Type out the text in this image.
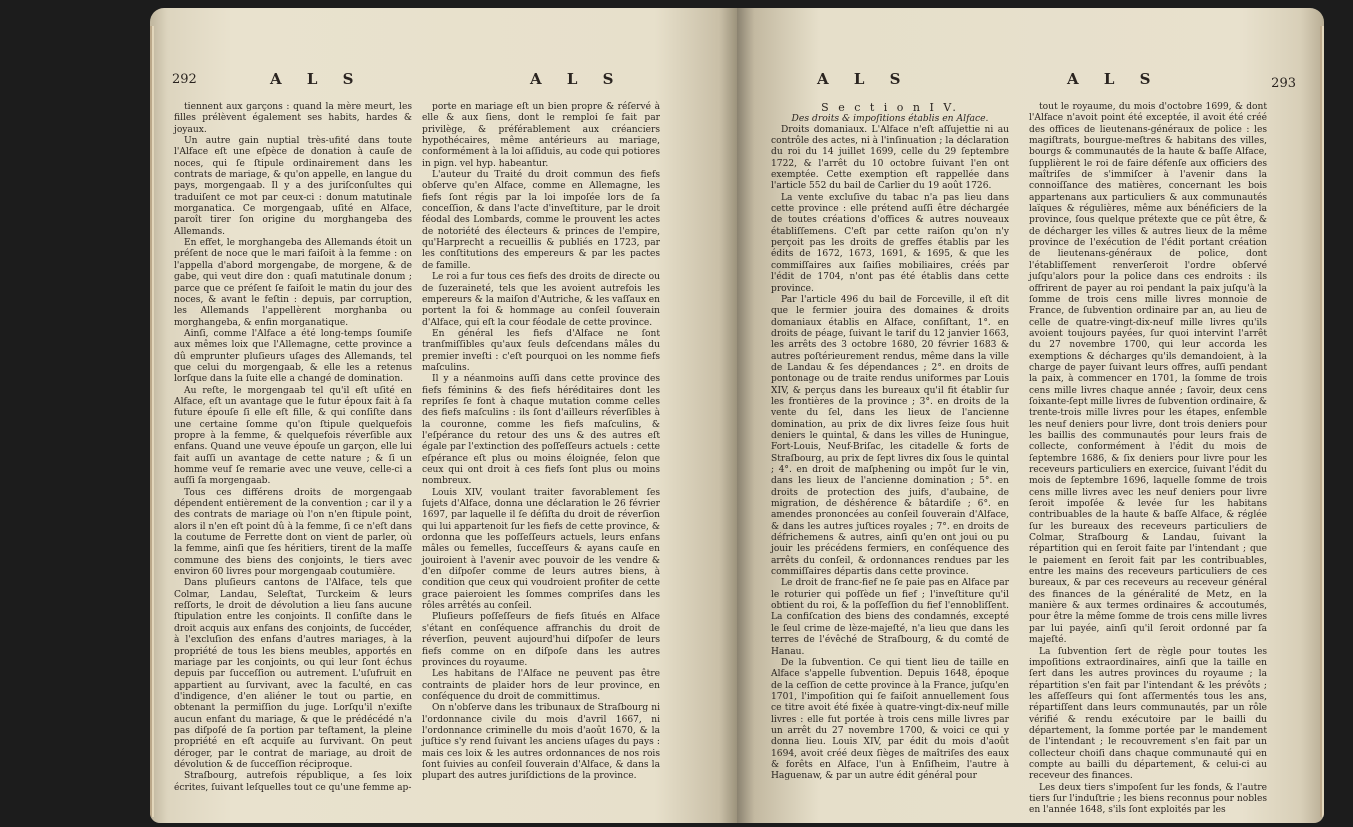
292	A L S	A L S

tiennent aux garçons : quand la mère meurt, les filles prélèvent également ses habits, hardes & joyaux.

Un autre gain nuptial très-ufité dans toute l'Alface eſt une eſpèce de donation à cauſe de noces, qui ſe ſtipule ordinairement dans les contrats de mariage, & qu'on appelle, en langue du pays, morgengaab. Il y a des juriſconſultes qui traduiſent ce mot par ceux-ci : donum matutinale morganatica. Ce morgengaab, uſité en Alface, paroît tirer ſon origine du morghangeba des Allemands.

En effet, le morghangeba des Allemands étoit un préſent de noce que le mari faiſoit à la femme : on l'appella d'abord morgengabe, de morgene, & de gabe, qui veut dire don : quaſi matutinale donum ; parce que ce préſent ſe faiſoit le matin du jour des noces, & avant le feſtin : depuis, par corruption, les Allemands l'appellèrent morghanba ou morghangeba, & enfin morganatique.

Ainſi, comme l'Alface a été long-temps ſoumiſe aux mêmes loix que l'Allemagne, cette province a dû emprunter pluſieurs uſages des Allemands, tel que celui du morgengaab, & elle les a retenus lorſque dans la ſuite elle a changé de domination.

Au reſte, le morgengaab tel qu'il eſt uſité en Alface, eſt un avantage que le futur époux fait à ſa future épouſe ſi elle eſt fille, & qui conſiſte dans une certaine ſomme qu'on ſtipule quelquefois propre à la femme, & quelquefois réverſible aux enfans. Quand une veuve épouſe un garçon, elle lui fait auſſi un avantage de cette nature ; & ſi un homme veuf ſe remarie avec une veuve, celle-ci a auſſi ſa morgengaab.

Tous ces différens droits de morgengaab dépendent entièrement de la convention ; car il y a des contrats de mariage où l'on n'en ſtipule point, alors il n'en eſt point dû à la femme, ſi ce n'eſt dans la coutume de Ferrette dont on vient de parler, où la femme, ainſi que ſes héritiers, tirent de la maſſe commune des biens des conjoints, le tiers avec environ 60 livres pour morgengaab coutumière.

Dans pluſieurs cantons de l'Alface, tels que Colmar, Landau, Seleſtat, Turckeim & leurs reſſorts, le droit de dévolution a lieu ſans aucune ſtipulation entre les conjoints. Il conſiſte dans le droit acquis aux enfans des conjoints, de ſuccéder, à l'excluſion des enfans d'autres mariages, à la propriété de tous les biens meubles, apportés en mariage par les conjoints, ou qui leur ſont échus depuis par ſucceſſion ou autrement. L'uſufruit en appartient au ſurvivant, avec la faculté, en cas d'indigence, d'en aliéner le tout ou partie, en obtenant la permiſſion du juge. Lorſqu'il n'exiſte aucun enfant du mariage, & que le prédécédé n'a pas diſpoſé de ſa portion par teſtament, la pleine propriété en eſt acquiſe au ſurvivant. On peut déroger, par le contrat de mariage, au droit de dévolution & de ſucceſſion réciproque.

Straſbourg, autrefois république, a ſes loix écrites, ſuivant leſquelles tout ce qu'une femme ap-

porte en mariage eſt un bien propre & réſervé à elle & aux ſiens, dont le remploi ſe fait par privilège, & préférablement aux créanciers hypothécaires, même antérieurs au mariage, conformément à la loi aſſiduis, au code qui potiores in pign. vel hyp. habeantur.

L'auteur du Traité du droit commun des fiefs obſerve qu'en Alface, comme en Allemagne, les fiefs ſont régis par la loi impoſée lors de ſa conceſſion, & dans l'acte d'inveſtiture, par le droit féodal des Lombards, comme le prouvent les actes de notoriété des électeurs & princes de l'empire, qu'Harprecht a recueillis & publiés en 1723, par les conſtitutions des empereurs & par les pactes de famille.

Le roi a fur tous ces fiefs des droits de directe ou de ſuzeraineté, tels que les avoient autrefois les empereurs & la maiſon d'Autriche, & les vaſſaux en portent la foi & hommage au conſeil ſouverain d'Alface, qui eſt la cour féodale de cette province.

En général les fiefs d'Alface ne ſont tranſmiſſibles qu'aux ſeuls deſcendans mâles du premier inveſti : c'eſt pourquoi on les nomme fiefs maſculins.

Il y a néanmoins auſſi dans cette province des fiefs féminins & des fiefs héréditaires dont les repriſes ſe font à chaque mutation comme celles des fiefs maſculins : ils ſont d'ailleurs réverſibles à la couronne, comme les fiefs maſculins, & l'eſpérance du retour des uns & des autres eſt égale par l'extinction des poſſeſſeurs actuels : cette eſpérance eſt plus ou moins éloignée, ſelon que ceux qui ont droit à ces fiefs ſont plus ou moins nombreux.

Louis XIV, voulant traiter favorablement ſes ſujets d'Alface, donna une déclaration le 26 février 1697, par laquelle il ſe déſiſta du droit de réverſion qui lui appartenoit ſur les fiefs de cette province, & ordonna que les poſſeſſeurs actuels, leurs enfans mâles ou femelles, ſucceſſeurs & ayans cauſe en jouiroient à l'avenir avec pouvoir de les vendre & d'en diſpoſer comme de leurs autres biens, à condition que ceux qui voudroient profiter de cette grace paieroient les ſommes compriſes dans les rôles arrêtés au conſeil.

Pluſieurs poſſeſſeurs de fiefs ſitués en Alface s'étant en conſéquence affranchis du droit de réverſion, peuvent aujourd'hui diſpoſer de leurs fiefs comme on en diſpoſe dans les autres provinces du royaume.

Les habitans de l'Alface ne peuvent pas être contraints de plaider hors de leur province, en conſéquence du droit de committimus.

On n'obſerve dans les tribunaux de Straſbourg ni l'ordonnance civile du mois d'avril 1667, ni l'ordonnance criminelle du mois d'août 1670, & la juſtice s'y rend ſuivant les anciens uſages du pays : mais ces loix & les autres ordonnances de nos rois ſont ſuivies au conſeil ſouverain d'Alface, & dans la plupart des autres juriſdictions de la province.

A L S	A L S	293

S e c t i o n I V.

Des droits & impoſitions établis en Alface.

Droits domaniaux. L'Alface n'eſt aſſujettie ni au contrôle des actes, ni à l'inſinuation ; la déclaration du roi du 14 juillet 1699, celle du 29 ſeptembre 1722, & l'arrêt du 10 octobre ſuivant l'en ont exemptée. Cette exemption eſt rappellée dans l'article 552 du bail de Carlier du 19 août 1726.

La vente excluſive du tabac n'a pas lieu dans cette province : elle prétend auſſi être déchargée de toutes créations d'offices & autres nouveaux établiſſemens. C'eſt par cette raiſon qu'on n'y perçoit pas les droits de greffes établis par les édits de 1672, 1673, 1691, & 1695, & que les commiſſaires aux ſaiſies mobiliaires, créés par l'édit de 1704, n'ont pas été établis dans cette province.

Par l'article 496 du bail de Forceville, il eſt dit que le fermier jouira des domaines & droits domaniaux établis en Alface, conſiſtant, 1°. en droits de péage, ſuivant le tarif du 12 janvier 1663, les arrêts des 3 octobre 1680, 20 février 1683 & autres poſtérieurement rendus, même dans la ville de Landau & ſes dépendances ; 2°. en droits de pontonage ou de traite rendus uniformes par Louis XIV, & perçus dans les bureaux qu'il fit établir ſur les frontières de la province ; 3°. en droits de la vente du ſel, dans les lieux de l'ancienne domination, au prix de dix livres ſeize ſous huit deniers le quintal, & dans les villes de Huningue, Fort-Louis, Neuf-Briſac, les citadelle & forts de Straſbourg, au prix de ſept livres dix ſous le quintal ; 4°. en droit de maſphening ou impôt ſur le vin, dans les lieux de l'ancienne domination ; 5°. en droits de protection des juifs, d'aubaine, de migration, de déshérence & bâtardiſe ; 6°. en amendes prononcées au conſeil ſouverain d'Alface, & dans les autres juſtices royales ; 7°. en droits de défrichemens & autres, ainſi qu'en ont joui ou pu jouir les précédens fermiers, en conſéquence des arrêts du conſeil, & ordonnances rendues par les commiſſaires départis dans cette province.

Le droit de franc-fief ne ſe paie pas en Alface par le roturier qui poſſède un fief ; l'inveſtiture qu'il obtient du roi, & la poſſeſſion du fief l'ennobliſſent. La confiſcation des biens des condamnés, excepté le ſeul crime de lèze-majeſté, n'a lieu que dans les terres de l'évêché de Straſbourg, & du comté de Hanau.

De la ſubvention. Ce qui tient lieu de taille en Alface s'appelle ſubvention. Depuis 1648, époque de la ceſſion de cette province à la France, juſqu'en 1701, l'impoſition qui ſe faiſoit annuellement ſous ce titre avoit été fixée à quatre-vingt-dix-neuf mille livres : elle fut portée à trois cens mille livres par un arrêt du 27 novembre 1700, & voici ce qui y donna lieu. Louis XIV, par édit du mois d'août 1694, avoit créé deux ſièges de maîtriſes des eaux & forêts en Alface, l'un à Enſiſheim, l'autre à Haguenaw, & par un autre édit général pour

tout le royaume, du mois d'octobre 1699, & dont l'Alface n'avoit point été exceptée, il avoit été créé des offices de lieutenans-généraux de police : les magiſtrats, bourgue-meſtres & habitans des villes, bourgs & communautés de la haute & baſſe Alface, ſupplièrent le roi de faire défenſe aux officiers des maîtriſes de s'immiſcer à l'avenir dans la connoiſſance des matières, concernant les bois appartenans aux particuliers & aux communautés laïques & régulières, même aux bénéficiers de la province, ſous quelque prétexte que ce pût être, & de décharger les villes & autres lieux de la même province de l'exécution de l'édit portant création de lieutenans-généraux de police, dont l'établiſſement renverſeroit l'ordre obſervé juſqu'alors pour la police dans ces endroits : ils offrirent de payer au roi pendant la paix juſqu'à la ſomme de trois cens mille livres monnoie de France, de ſubvention ordinaire par an, au lieu de celle de quatre-vingt-dix-neuf mille livres qu'ils avoient toujours payées, ſur quoi intervint l'arrêt du 27 novembre 1700, qui leur accorda les exemptions & décharges qu'ils demandoient, à la charge de payer ſuivant leurs offres, auſſi pendant la paix, à commencer en 1701, la ſomme de trois cens mille livres chaque année ; ſavoir, deux cens ſoixante-ſept mille livres de ſubvention ordinaire, & trente-trois mille livres pour les étapes, enſemble les neuf deniers pour livre, dont trois deniers pour les baillis des communautés pour leurs frais de collecte, conformément à l'édit du mois de ſeptembre 1686, & ſix deniers pour livre pour les receveurs particuliers en exercice, ſuivant l'édit du mois de ſeptembre 1696, laquelle ſomme de trois cens mille livres avec les neuf deniers pour livre ſeroit impoſée & levée ſur les habitans contribuables de la haute & baſſe Alface, & réglée ſur les bureaux des receveurs particuliers de Colmar, Straſbourg & Landau, ſuivant la répartition qui en ſeroit faite par l'intendant ; que le paiement en ſeroit fait par les contribuables, entre les mains des receveurs particuliers de ces bureaux, & par ces receveurs au receveur général des finances de la généralité de Metz, en la manière & aux termes ordinaires & accoutumés, pour être la même ſomme de trois cens mille livres par lui payée, ainſi qu'il ſeroit ordonné par ſa majeſté.

La ſubvention ſert de règle pour toutes les impoſitions extraordinaires, ainſi que la taille en ſert dans les autres provinces du royaume ; la répartition s'en fait par l'intendant & les prévôts ; les aſſeſſeurs qui ſont aſſermentés tous les ans, répartiſſent dans leurs communautés, par un rôle vérifié & rendu exécutoire par le bailli du département, la ſomme portée par le mandement de l'intendant ; le recouvrement s'en fait par un collecteur choiſi dans chaque communauté qui en compte au bailli du département, & celui-ci au receveur des finances.

Les deux tiers s'impoſent ſur les fonds, & l'autre tiers ſur l'induſtrie ; les biens reconnus pour nobles en l'année 1648, s'ils ſont exploités par les
